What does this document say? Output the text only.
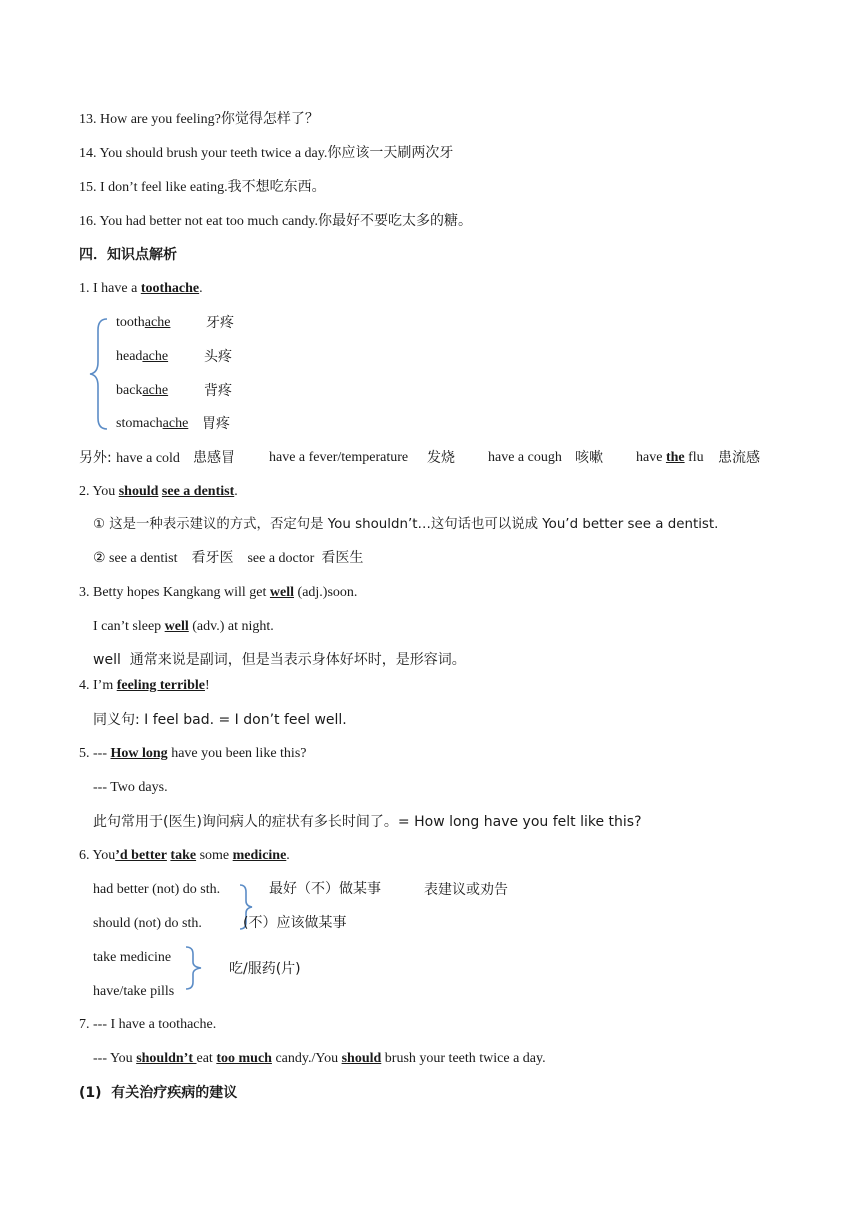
13. How are you feeling?你觉得怎样了？
14. You should brush your teeth twice a day.你应该一天刷两次牙
15. I don’t feel like eating.我不想吃东西。
16. You had better not eat too much candy.你最好不要吃太多的糖。
四．知识点解析
1. I have a toothache.
toothache	牙疼
headache	头疼
backache	背疼
stomachache 胃疼
另外: have a cold 患感冒 have a fever/temperature 发烧 have a cough 咳嗽 have the flu 患流感
2. You should see a dentist.
① 这是一种表示建议的方式，否定句是 You shouldn’t…这句话也可以说成 You’d better see a dentist.
② see a dentist    看牙医    see a doctor  看医生
3. Betty hopes Kangkang will get well (adj.)soon.
I can’t sleep well (adv.) at night.
well  通常来说是副词，但是当表示身体好坏时，是形容词。
4. I’m feeling terrible!
同义句: I feel bad. = I don’t feel well.
5. --- How long have you been like this?
--- Two days.
此句常用于(医生)询问病人的症状有多长时间了。= How long have you felt like this?
6. You’d better take some medicine.
had better (not) do sth.	最好（不）做某事	表建议或劝告
should (not) do sth.	(不）应该做某事
take medicine
吃/服药(片)
have/take pills
7. --- I have a toothache.
--- You shouldn’t eat too much candy./You should brush your teeth twice a day.
(1)  有关治疗疾病的建议
